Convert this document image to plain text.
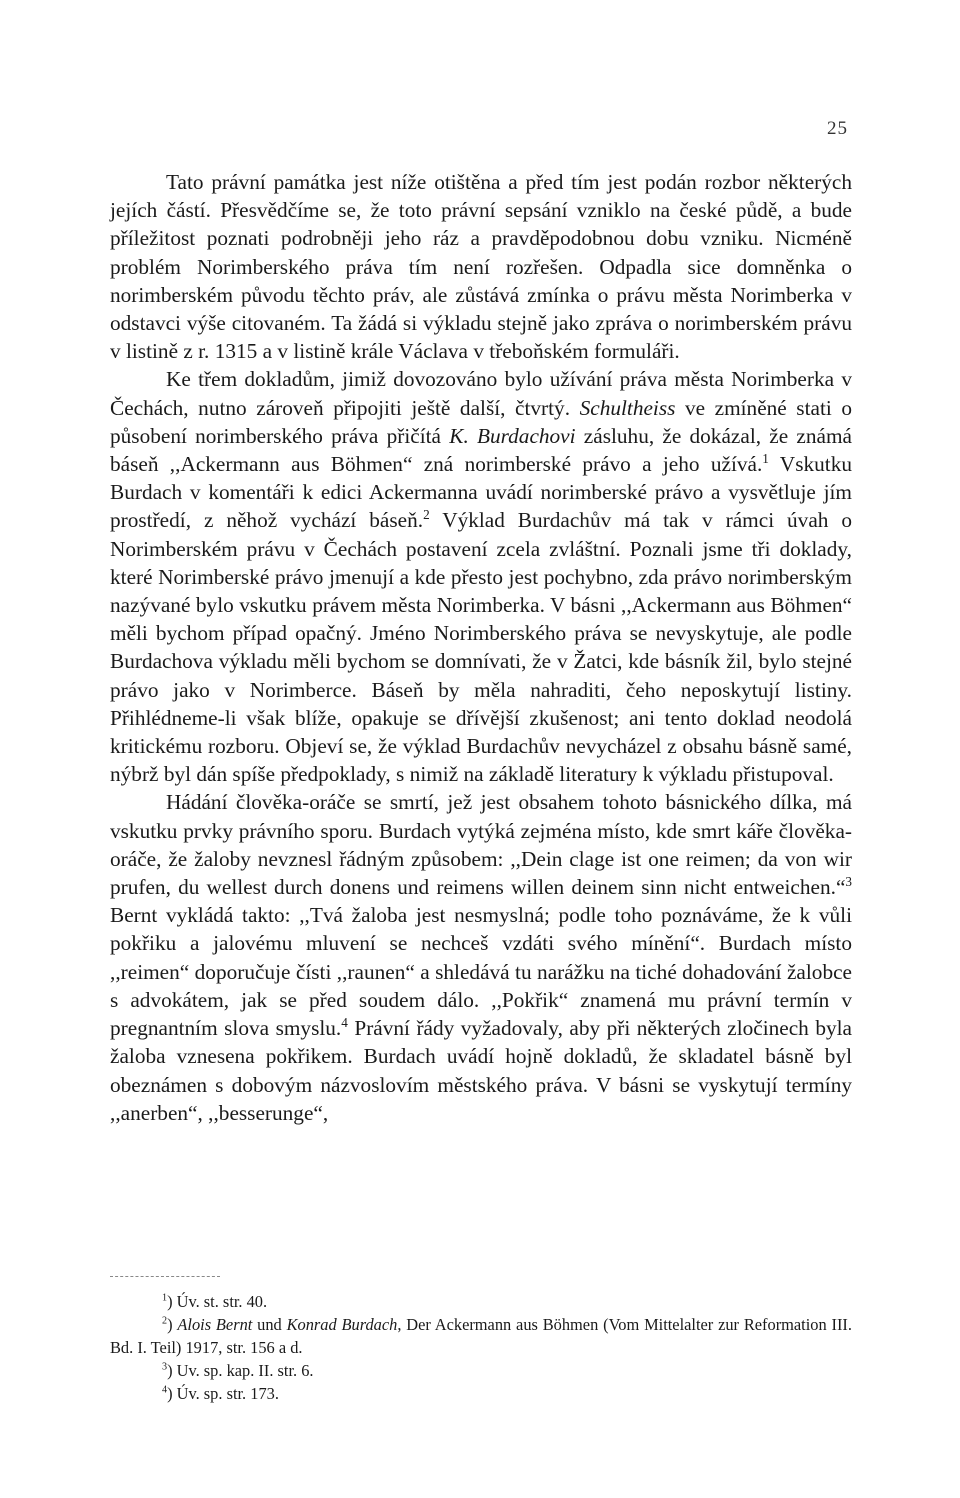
25

Tato právní památka jest níže otištěna a před tím jest podán rozbor některých jejích částí. Přesvědčíme se, že toto právní sepsání vzniklo na české půdě, a bude příležitost poznati podrobněji jeho ráz a pravděpodobnou dobu vzniku. Nicméně problém Norimberského práva tím není rozřešen. Odpadla sice domněnka o norimberském původu těchto práv, ale zůstává zmínka o právu města Norimberka v odstavci výše citovaném. Ta žádá si výkladu stejně jako zpráva o norimberském právu v listině z r. 1315 a v listině krále Václava v třeboňském formuláři.

Ke třem dokladům, jimiž dovozováno bylo užívání práva města Norimberka v Čechách, nutno zároveň připojiti ještě další, čtvrtý. Schultheiss ve zmíněné stati o působení norimberského práva přičítá K. Burdachovi zásluhu, že dokázal, že známá báseň ,,Ackermann aus Böhmen“ zná norimberské právo a jeho užívá.$^1$ Vskutku Burdach v komentáři k edici Ackermanna uvádí norimberské právo a vysvětluje jím prostředí, z něhož vychází báseň.$^2$ Výklad Burdachův má tak v rámci úvah o Norimberském právu v Čechách postavení zcela zvláštní. Poznali jsme tři doklady, které Norimberské právo jmenují a kde přesto jest pochybno, zda právo norimberským nazývané bylo vskutku právem města Norimberka. V básni ,,Ackermann aus Böhmen“ měli bychom případ opačný. Jméno Norimberského práva se nevyskytuje, ale podle Burdachova výkladu měli bychom se domnívati, že v Žatci, kde básník žil, bylo stejné právo jako v Norimberce. Báseň by měla nahraditi, čeho neposkytují listiny. Přihlédneme-li však blíže, opakuje se dřívější zkušenost; ani tento doklad neodolá kritickému rozboru. Objeví se, že výklad Burdachův nevycházel z obsahu básně samé, nýbrž byl dán spíše předpoklady, s nimiž na základě literatury k výkladu přistupoval.

Hádání člověka-oráče se smrtí, jež jest obsahem tohoto básnického dílka, má vskutku prvky právního sporu. Burdach vytýká zejména místo, kde smrt káře člověka-oráče, že žaloby nevznesl řádným způsobem: ,,Dein clage ist one reimen; da von wir prufen, du wellest durch donens und reimens willen deinem sinn nicht entweichen.“$^3$ Bernt vykládá takto: ,,Tvá žaloba jest nesmyslná; podle toho poznáváme, že k vůli pokřiku a jalovému mluvení se nechceš vzdáti svého mínění“. Burdach místo ,,reimen“ doporučuje čísti ,,raunen“ a shledává tu narážku na tiché dohadování žalobce s advokátem, jak se před soudem dálo. ,,Pokřik“ znamená mu právní termín v pregnantním slova smyslu.$^4$ Právní řády vyžadovaly, aby při některých zločinech byla žaloba vznesena pokřikem. Burdach uvádí hojně dokladů, že skladatel básně byl obeznámen s dobovým názvoslovím městského práva. V básni se vyskytují termíny ,,anerben“, ,,besserunge“,

$^1$) Úv. st. str. 40.

$^2$) Alois Bernt und Konrad Burdach, Der Ackermann aus Böhmen (Vom Mittelalter zur Reformation III. Bd. I. Teil) 1917, str. 156 a d.

$^3$) Uv. sp. kap. II. str. 6.

$^4$) Úv. sp. str. 173.
